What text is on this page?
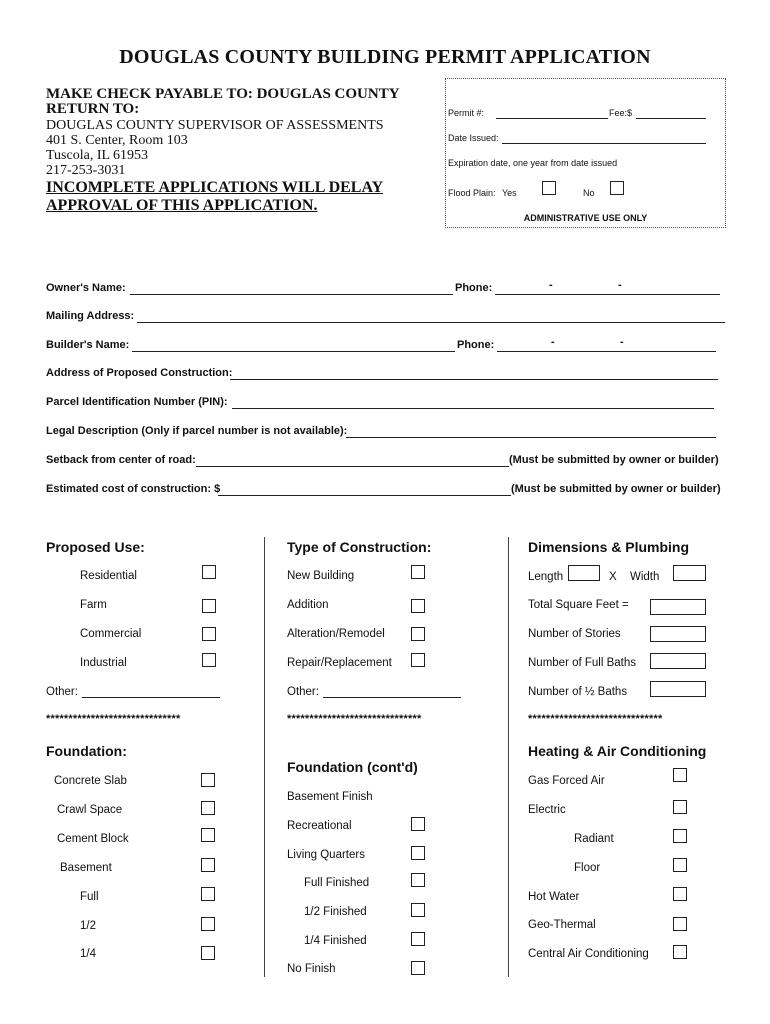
DOUGLAS COUNTY BUILDING PERMIT APPLICATION
MAKE CHECK PAYABLE TO: DOUGLAS COUNTY
RETURN TO:
DOUGLAS COUNTY SUPERVISOR OF ASSESSMENTS
401 S. Center, Room 103
Tuscola, IL 61953
217-253-3031
INCOMPLETE APPLICATIONS WILL DELAY
APPROVAL OF THIS APPLICATION.
Permit #:	Fee:$
Date Issued:
Expiration date, one year from date issued
Flood Plain: Yes	No
ADMINISTRATIVE USE ONLY
Owner's Name:	Phone:	-	-
Mailing Address:
Builder's Name:	Phone:	-	-
Address of Proposed Construction:
Parcel Identification Number (PIN):
Legal Description (Only if parcel number is not available):
Setback from center of road:	(Must be submitted by owner or builder)
Estimated cost of construction: $	(Must be submitted by owner or builder)
Proposed Use:
Residential
Farm
Commercial
Industrial
Other:
******************************
Type of Construction:
New Building
Addition
Alteration/Remodel
Repair/Replacement
Other:
******************************
Dimensions & Plumbing
Length	X Width
Total Square Feet =
Number of Stories
Number of Full Baths
Number of ½ Baths
******************************
Foundation:
Concrete Slab
Crawl Space
Cement Block
Basement
Full
1/2
1/4
Foundation (cont'd)
Basement Finish
Recreational
Living Quarters
Full Finished
1/2 Finished
1/4 Finished
No Finish
Heating & Air Conditioning
Gas Forced Air
Electric
Radiant
Floor
Hot Water
Geo-Thermal
Central Air Conditioning
